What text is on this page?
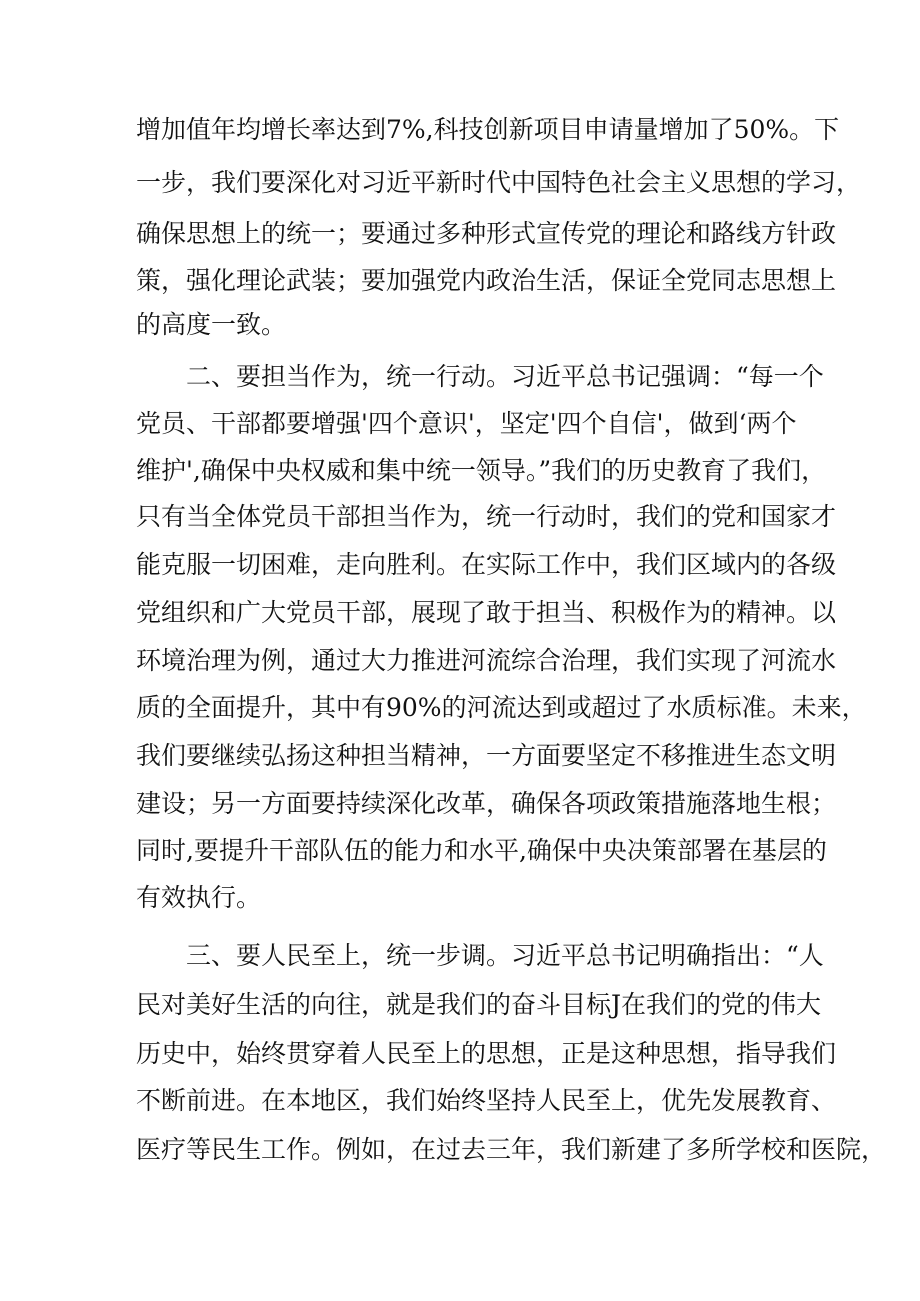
增加值年均增长率达到7%,科技创新项目申请量增加了50%。下
一步，我们要深化对习近平新时代中国特色社会主义思想的学习，
确保思想上的统一；要通过多种形式宣传党的理论和路线方针政
策，强化理论武装；要加强党内政治生活，保证全党同志思想上
的高度一致。
二、要担当作为，统一行动。习近平总书记强调：“每一个
党员、干部都要增强'四个意识'，坚定'四个自信'，做到‘两个
维护',确保中央权威和集中统一领导。”我们的历史教育了我们，
只有当全体党员干部担当作为，统一行动时，我们的党和国家才
能克服一切困难，走向胜利。在实际工作中，我们区域内的各级
党组织和广大党员干部，展现了敢于担当、积极作为的精神。以
环境治理为例，通过大力推进河流综合治理，我们实现了河流水
质的全面提升，其中有90%的河流达到或超过了水质标准。未来，
我们要继续弘扬这种担当精神，一方面要坚定不移推进生态文明
建设；另一方面要持续深化改革，确保各项政策措施落地生根；
同时,要提升干部队伍的能力和水平,确保中央决策部署在基层的
有效执行。
三、要人民至上，统一步调。习近平总书记明确指出：“人
民对美好生活的向往，就是我们的奋斗目标J在我们的党的伟大
历史中，始终贯穿着人民至上的思想，正是这种思想，指导我们
不断前进。在本地区，我们始终坚持人民至上，优先发展教育、
医疗等民生工作。例如，在过去三年，我们新建了多所学校和医院，
